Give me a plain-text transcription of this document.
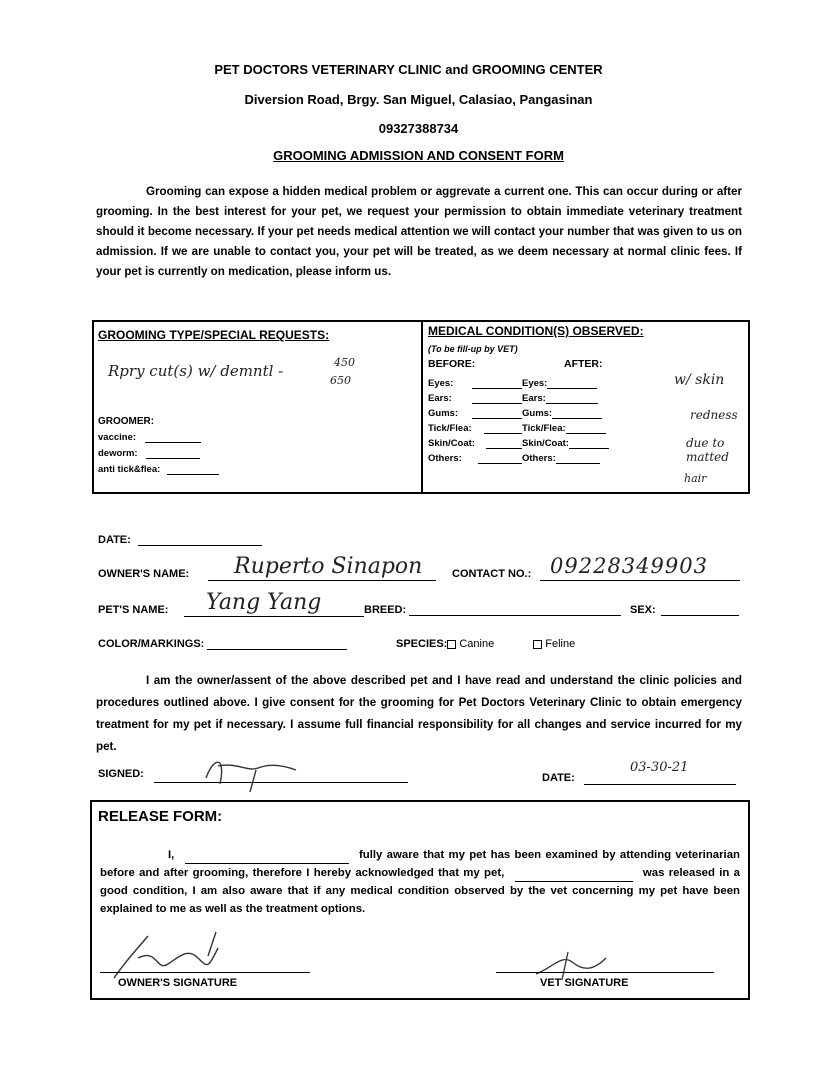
PET DOCTORS VETERINARY CLINIC and GROOMING CENTER
Diversion Road, Brgy. San Miguel, Calasiao, Pangasinan
09327388734
GROOMING ADMISSION AND CONSENT FORM
Grooming can expose a hidden medical problem or aggrevate a current one. This can occur during or after grooming. In the best interest for your pet, we request your permission to obtain immediate veterinary treatment should it become necessary. If your pet needs medical attention we will contact your number that was given to us on admission. If we are unable to contact you, your pet will be treated, as we deem necessary at normal clinic fees. If your pet is currently on medication, please inform us.
GROOMING TYPE/SPECIAL REQUESTS:
Rpry cut(s) w/ demntl -	450
650
GROOMER:
vaccine:
deworm:
anti tick&flea:
MEDICAL CONDITION(S) OBSERVED:
(To be fill-up by VET)
BEFORE:	AFTER:
Eyes:	Eyes:
Ears:	Ears:
Gums:	Gums:
Tick/Flea:	Tick/Flea:
Skin/Coat:	Skin/Coat:
Others:	Others:
w/ skin
redness
due to matted
hair
DATE:
OWNER'S NAME: Ruperto Sinapon	CONTACT NO.: 09228349903
PET'S NAME: Yang Yang	BREED:	SEX:
COLOR/MARKINGS:	SPECIES: Canine	Feline
I am the owner/assent of the above described pet and I have read and understand the clinic policies and procedures outlined above. I give consent for the grooming for Pet Doctors Veterinary Clinic to obtain emergency treatment for my pet if necessary. I assume full financial responsibility for all changes and service incurred for my pet.
SIGNED:	DATE:
03-30-21
RELEASE FORM:
I,	fully aware that my pet has been examined by attending veterinarian before and after grooming, therefore I hereby acknowledged that my pet,	was released in a good condition, I am also aware that if any medical condition observed by the vet concerning my pet have been explained to me as well as the treatment options.
OWNER'S SIGNATURE	VET SIGNATURE
